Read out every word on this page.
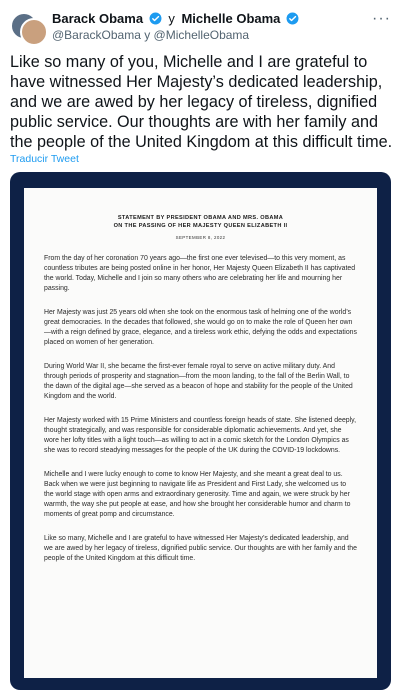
Barack Obama y Michelle Obama
@BarackObama y @MichelleObama
···
Like so many of you, Michelle and I are grateful to have witnessed Her Majesty’s dedicated leadership, and we are awed by her legacy of tireless, dignified public service. Our thoughts are with her family and the people of the United Kingdom at this difficult time.
Traducir Tweet
STATEMENT BY PRESIDENT OBAMA AND MRS. OBAMA
ON THE PASSING OF HER MAJESTY QUEEN ELIZABETH II
SEPTEMBER 8, 2022

From the day of her coronation 70 years ago—the first one ever televised—to this very moment, as countless tributes are being posted online in her honor, Her Majesty Queen Elizabeth II has captivated the world. Today, Michelle and I join so many others who are celebrating her life and mourning her passing.

Her Majesty was just 25 years old when she took on the enormous task of helming one of the world’s great democracies. In the decades that followed, she would go on to make the role of Queen her own—with a reign defined by grace, elegance, and a tireless work ethic, defying the odds and expectations placed on women of her generation.

During World War II, she became the first-ever female royal to serve on active military duty. And through periods of prosperity and stagnation—from the moon landing, to the fall of the Berlin Wall, to the dawn of the digital age—she served as a beacon of hope and stability for the people of the United Kingdom and the world.

Her Majesty worked with 15 Prime Ministers and countless foreign heads of state. She listened deeply, thought strategically, and was responsible for considerable diplomatic achievements. And yet, she wore her lofty titles with a light touch—as willing to act in a comic sketch for the London Olympics as she was to record steadying messages for the people of the UK during the COVID-19 lockdowns.

Michelle and I were lucky enough to come to know Her Majesty, and she meant a great deal to us. Back when we were just beginning to navigate life as President and First Lady, she welcomed us to the world stage with open arms and extraordinary generosity. Time and again, we were struck by her warmth, the way she put people at ease, and how she brought her considerable humor and charm to moments of great pomp and circumstance.

Like so many, Michelle and I are grateful to have witnessed Her Majesty’s dedicated leadership, and we are awed by her legacy of tireless, dignified public service. Our thoughts are with her family and the people of the United Kingdom at this difficult time.
